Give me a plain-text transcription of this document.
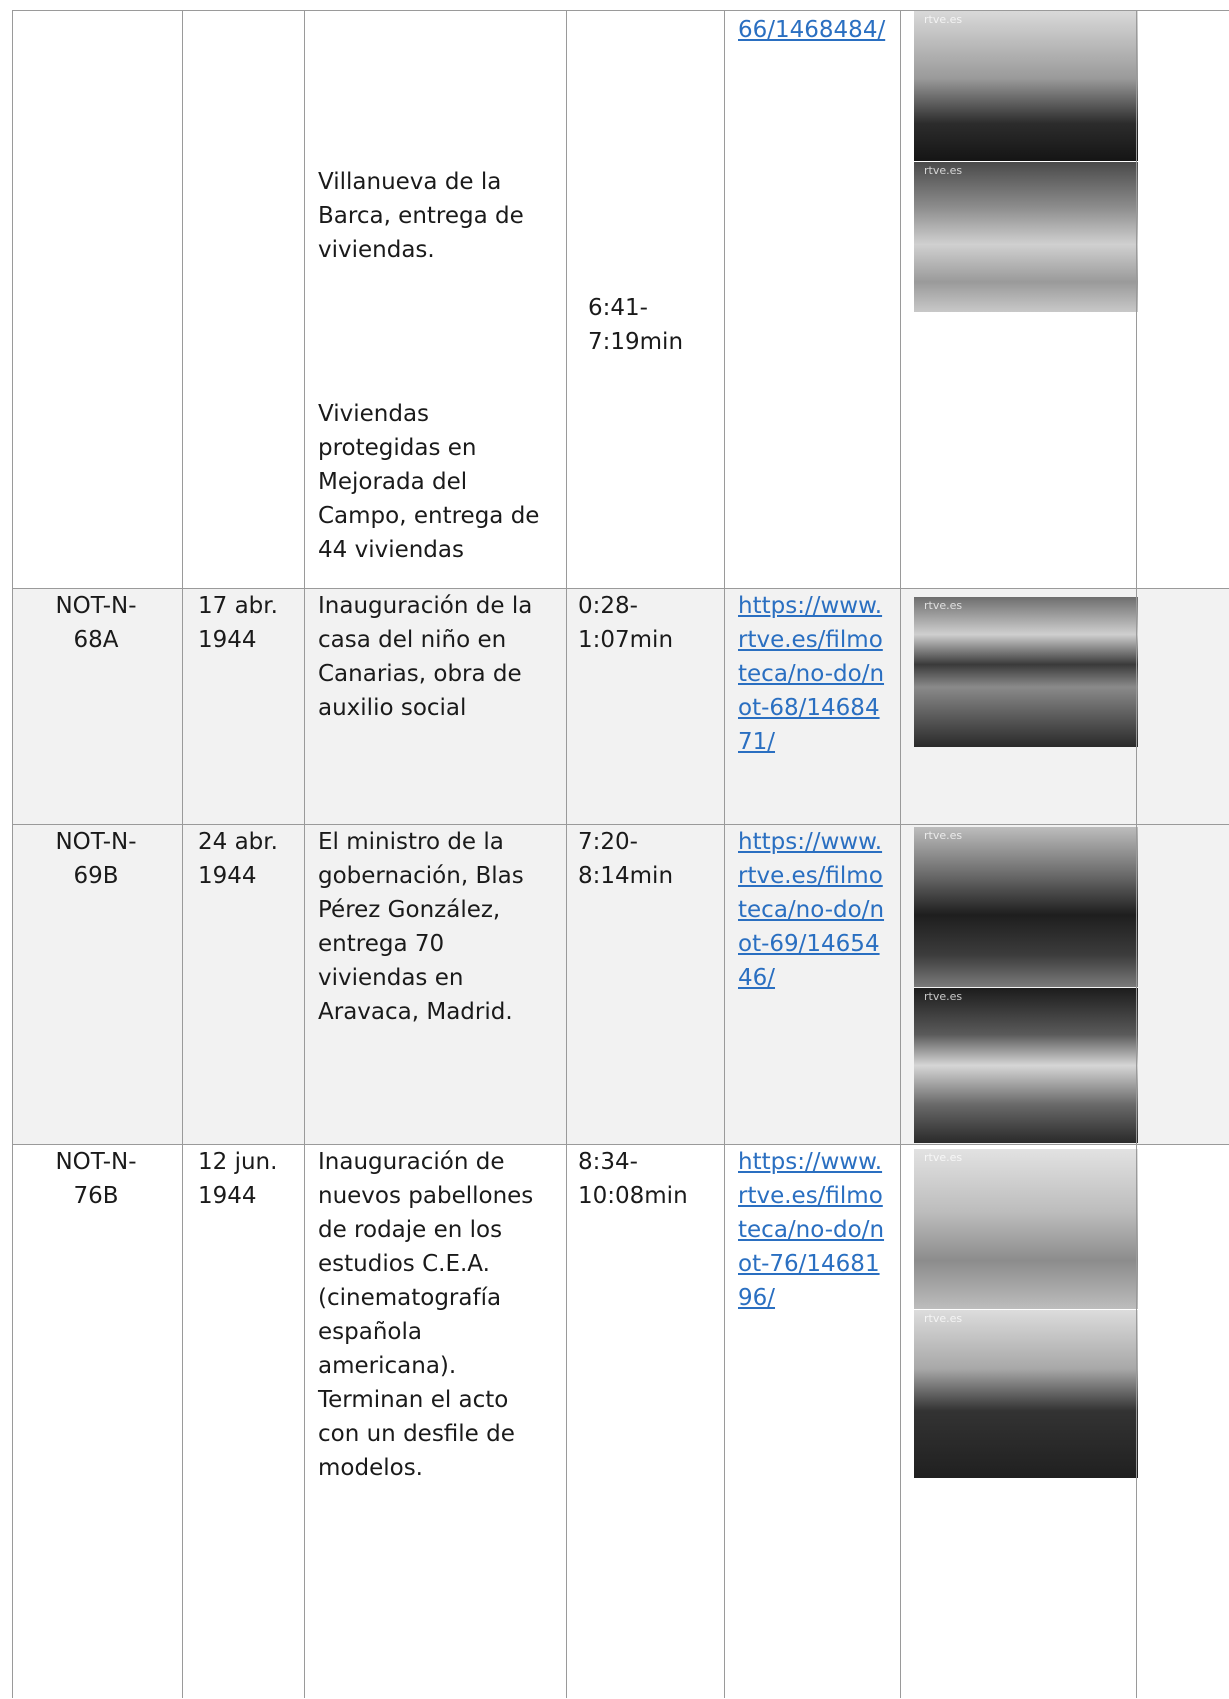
Villanueva de la Barca, entrega de viviendas.
Viviendas protegidas en Mejorada del Campo, entrega de 44 viviendas
6:41-7:19min
66/1468484/	rtve.es
rtve.es
NOT-N-68A
17 abr. 1944
Inauguración de la casa del niño en Canarias, obra de auxilio social
0:28-1:07min
https://www.rtve.es/filmoteca/no-do/not-68/1468471/
rtve.es
NOT-N-69B
24 abr. 1944
El ministro de la gobernación, Blas Pérez González, entrega 70 viviendas en Aravaca, Madrid.
7:20-8:14min
https://www.rtve.es/filmoteca/no-do/not-69/1465446/
rtve.es
rtve.es
NOT-N-76B
12 jun. 1944
Inauguración de nuevos pabellones de rodaje en los estudios C.E.A. (cinematografía española americana). Terminan el acto con un desfile de modelos.
8:34-10:08min
https://www.rtve.es/filmoteca/no-do/not-76/1468196/
rtve.es
rtve.es
